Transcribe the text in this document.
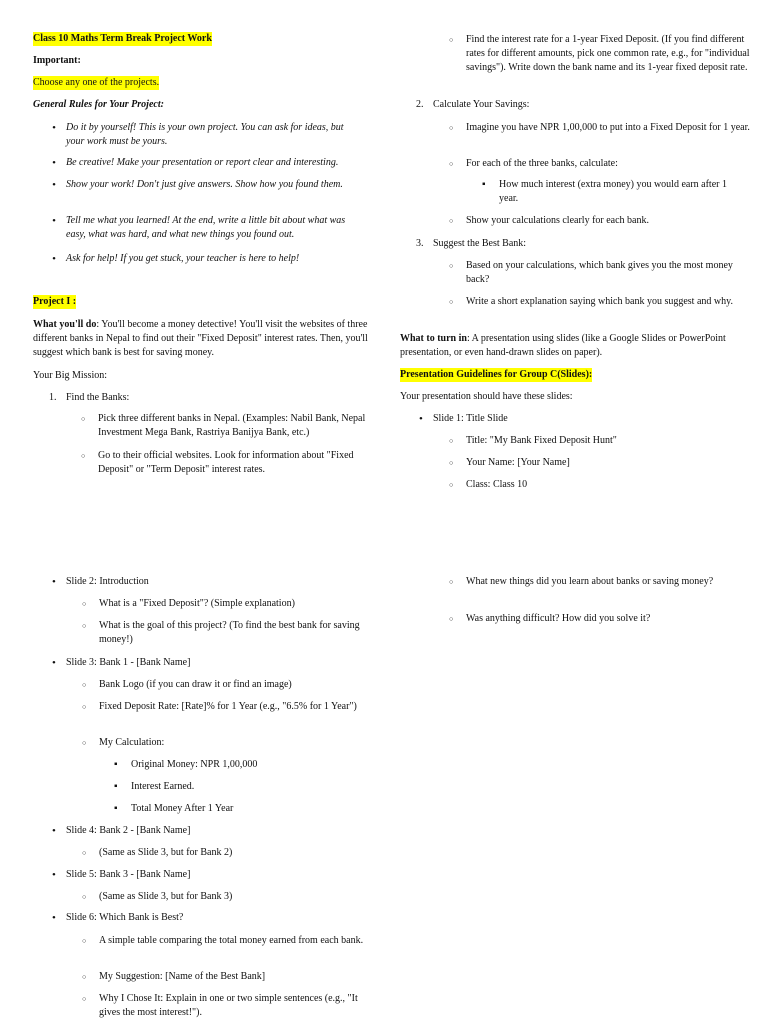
Class 10 Maths Term Break Project Work

Important:

Choose any one of the projects.

General Rules for Your Project:

• Do it by yourself! This is your own project. You can ask for ideas, but your work must be yours.
• Be creative! Make your presentation or report clear and interesting.
• Show your work! Don't just give answers. Show how you found them.
• Tell me what you learned! At the end, write a little bit about what was easy, what was hard, and what new things you found out.
• Ask for help! If you get stuck, your teacher is here to help!

Project I :

What you'll do: You'll become a money detective! You'll visit the websites of three different banks in Nepal to find out their "Fixed Deposit" interest rates. Then, you'll suggest which bank is best for saving money.

Your Big Mission:

1. Find the Banks:
○ Pick three different banks in Nepal. (Examples: Nabil Bank, Nepal Investment Mega Bank, Rastriya Banijya Bank, etc.)
○ Go to their official websites. Look for information about "Fixed Deposit" or "Term Deposit" interest rates.
○ Find the interest rate for a 1-year Fixed Deposit. (If you find different rates for different amounts, pick one common rate, e.g., for "individual savings"). Write down the bank name and its 1-year fixed deposit rate.
2. Calculate Your Savings:
○ Imagine you have NPR 1,00,000 to put into a Fixed Deposit for 1 year.
○ For each of the three banks, calculate:
▪ How much interest (extra money) you would earn after 1 year.
○ Show your calculations clearly for each bank.
3. Suggest the Best Bank:
○ Based on your calculations, which bank gives you the most money back?
○ Write a short explanation saying which bank you suggest and why.
What to turn in: A presentation using slides (like a Google Slides or PowerPoint presentation, or even hand-drawn slides on paper).

Presentation Guidelines for Group C(Slides):

Your presentation should have these slides:

• Slide 1: Title Slide
○ Title: "My Bank Fixed Deposit Hunt"
○ Your Name: [Your Name]
○ Class: Class 10
• Slide 2: Introduction
○ What is a "Fixed Deposit"? (Simple explanation)
○ What is the goal of this project? (To find the best bank for saving money!)
• Slide 3: Bank 1 - [Bank Name]
○ Bank Logo (if you can draw it or find an image)
○ Fixed Deposit Rate: [Rate]% for 1 Year (e.g., "6.5% for 1 Year")
○ My Calculation:
▪ Original Money: NPR 1,00,000
▪ Interest Earned.
▪ Total Money After 1 Year
• Slide 4: Bank 2 - [Bank Name]
○ (Same as Slide 3, but for Bank 2)
• Slide 5: Bank 3 - [Bank Name]
○ (Same as Slide 3, but for Bank 3)
• Slide 6: Which Bank is Best?
○ A simple table comparing the total money earned from each bank.
○ My Suggestion: [Name of the Best Bank]
○ Why I Chose It: Explain in one or two simple sentences (e.g., "It gives the most interest!").
○ What new things did you learn about banks or saving money?
○ Was anything difficult? How did you solve it?
